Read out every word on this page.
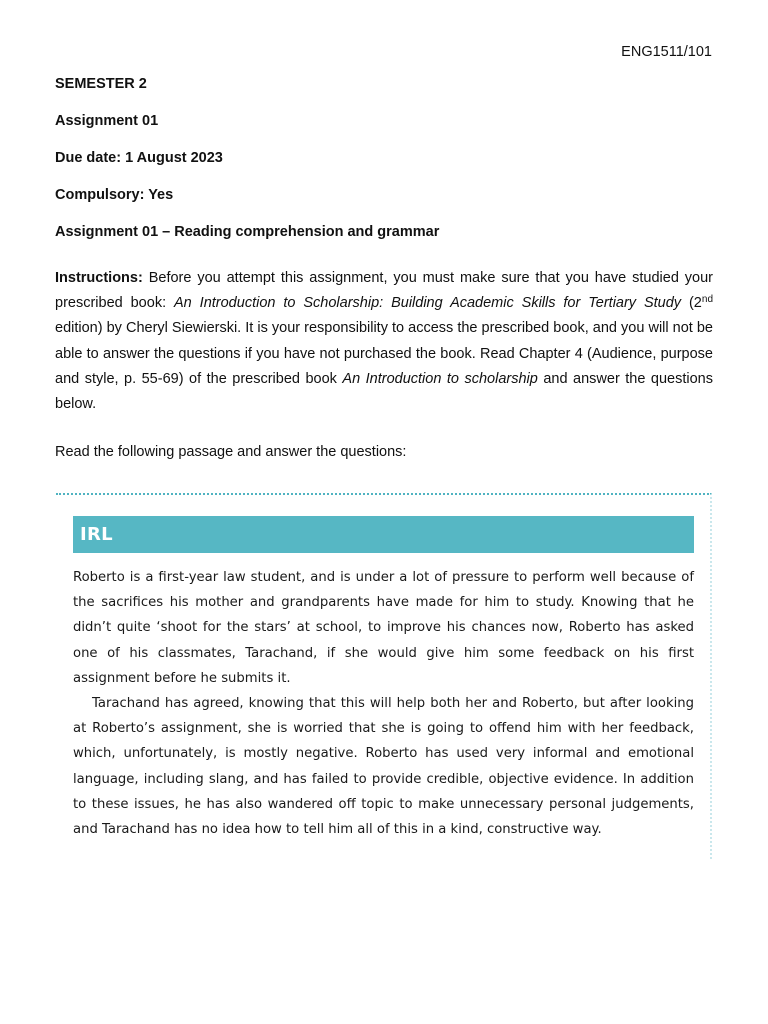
ENG1511/101

SEMESTER 2

Assignment 01

Due date: 1 August 2023

Compulsory: Yes

Assignment 01 – Reading comprehension and grammar

Instructions: Before you attempt this assignment, you must make sure that you have studied your prescribed book: An Introduction to Scholarship: Building Academic Skills for Tertiary Study (2nd edition) by Cheryl Siewierski. It is your responsibility to access the prescribed book, and you will not be able to answer the questions if you have not purchased the book. Read Chapter 4 (Audience, purpose and style, p. 55-69) of the prescribed book An Introduction to scholarship and answer the questions below.

Read the following passage and answer the questions:

IRL

Roberto is a first-year law student, and is under a lot of pressure to perform well because of the sacrifices his mother and grandparents have made for him to study. Knowing that he didn’t quite ‘shoot for the stars’ at school, to improve his chances now, Roberto has asked one of his classmates, Tarachand, if she would give him some feedback on his first assignment before he submits it.

Tarachand has agreed, knowing that this will help both her and Roberto, but after looking at Roberto’s assignment, she is worried that she is going to offend him with her feedback, which, unfortunately, is mostly negative. Roberto has used very informal and emotional language, including slang, and has failed to provide credible, objective evidence. In addition to these issues, he has also wandered off topic to make unnecessary personal judgements, and Tarachand has no idea how to tell him all of this in a kind, constructive way.
